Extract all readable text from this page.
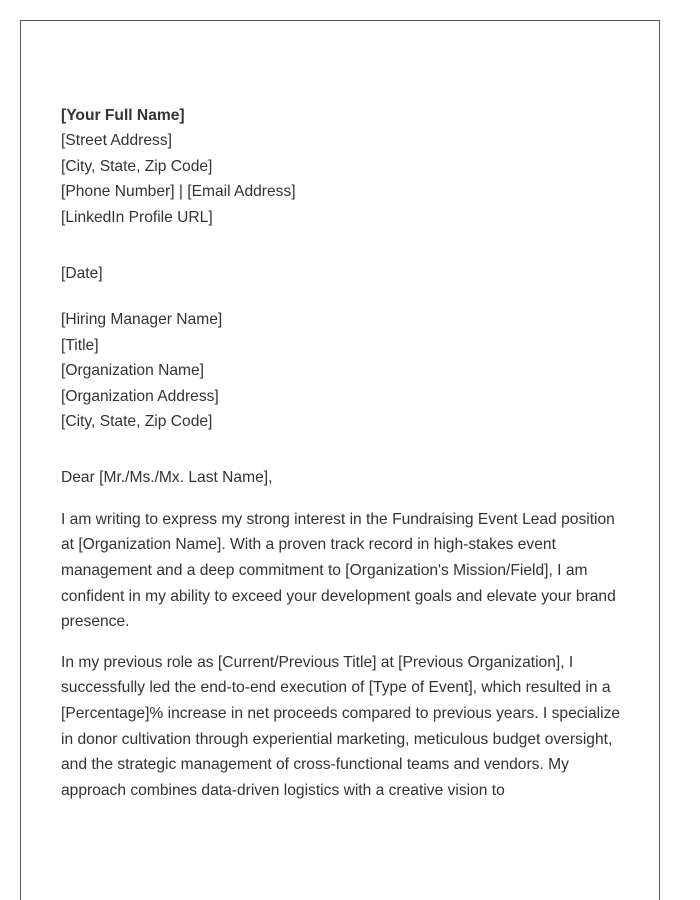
[Your Full Name]
[Street Address]
[City, State, Zip Code]
[Phone Number] | [Email Address]
[LinkedIn Profile URL]
[Date]
[Hiring Manager Name]
[Title]
[Organization Name]
[Organization Address]
[City, State, Zip Code]
Dear [Mr./Ms./Mx. Last Name],

I am writing to express my strong interest in the Fundraising Event Lead position at [Organization Name]. With a proven track record in high-stakes event management and a deep commitment to [Organization's Mission/Field], I am confident in my ability to exceed your development goals and elevate your brand presence.

In my previous role as [Current/Previous Title] at [Previous Organization], I successfully led the end-to-end execution of [Type of Event], which resulted in a [Percentage]% increase in net proceeds compared to previous years. I specialize in donor cultivation through experiential marketing, meticulous budget oversight, and the strategic management of cross-functional teams and vendors. My approach combines data-driven logistics with a creative vision to
